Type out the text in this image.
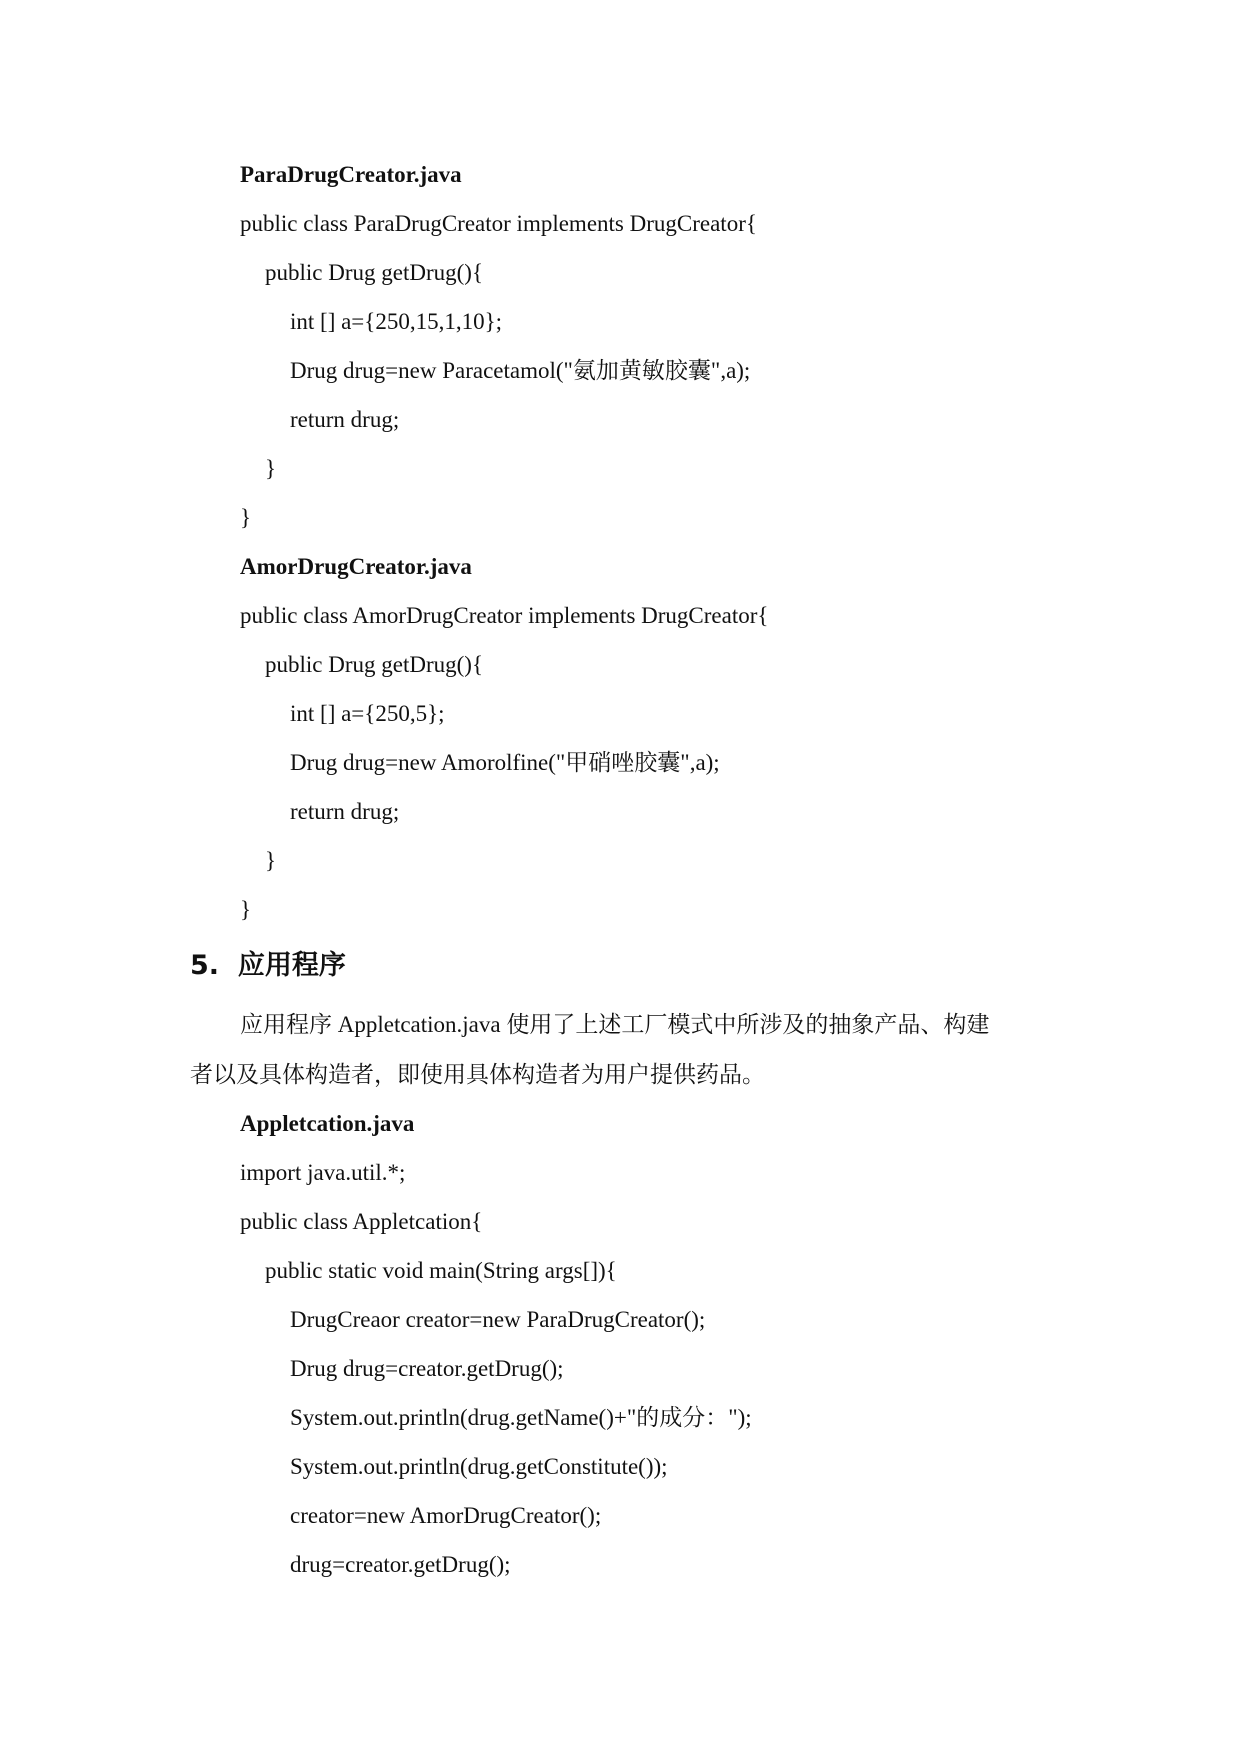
ParaDrugCreator.java
public class ParaDrugCreator implements DrugCreator{
public Drug getDrug(){
int [] a={250,15,1,10};
Drug drug=new Paracetamol("氨加黄敏胶囊",a);
return drug;
}
}
AmorDrugCreator.java
public class AmorDrugCreator implements DrugCreator{
public Drug getDrug(){
int [] a={250,5};
Drug drug=new Amorolfine("甲硝唑胶囊",a);
return drug;
}
}
5.  应用程序
应用程序 Appletcation.java 使用了上述工厂模式中所涉及的抽象产品、构建
者以及具体构造者，即使用具体构造者为用户提供药品。
Appletcation.java
import java.util.*;
public class Appletcation{
public static void main(String args[]){
DrugCreaor creator=new ParaDrugCreator();
Drug drug=creator.getDrug();
System.out.println(drug.getName()+"的成分：");
System.out.println(drug.getConstitute());
creator=new AmorDrugCreator();
drug=creator.getDrug();
